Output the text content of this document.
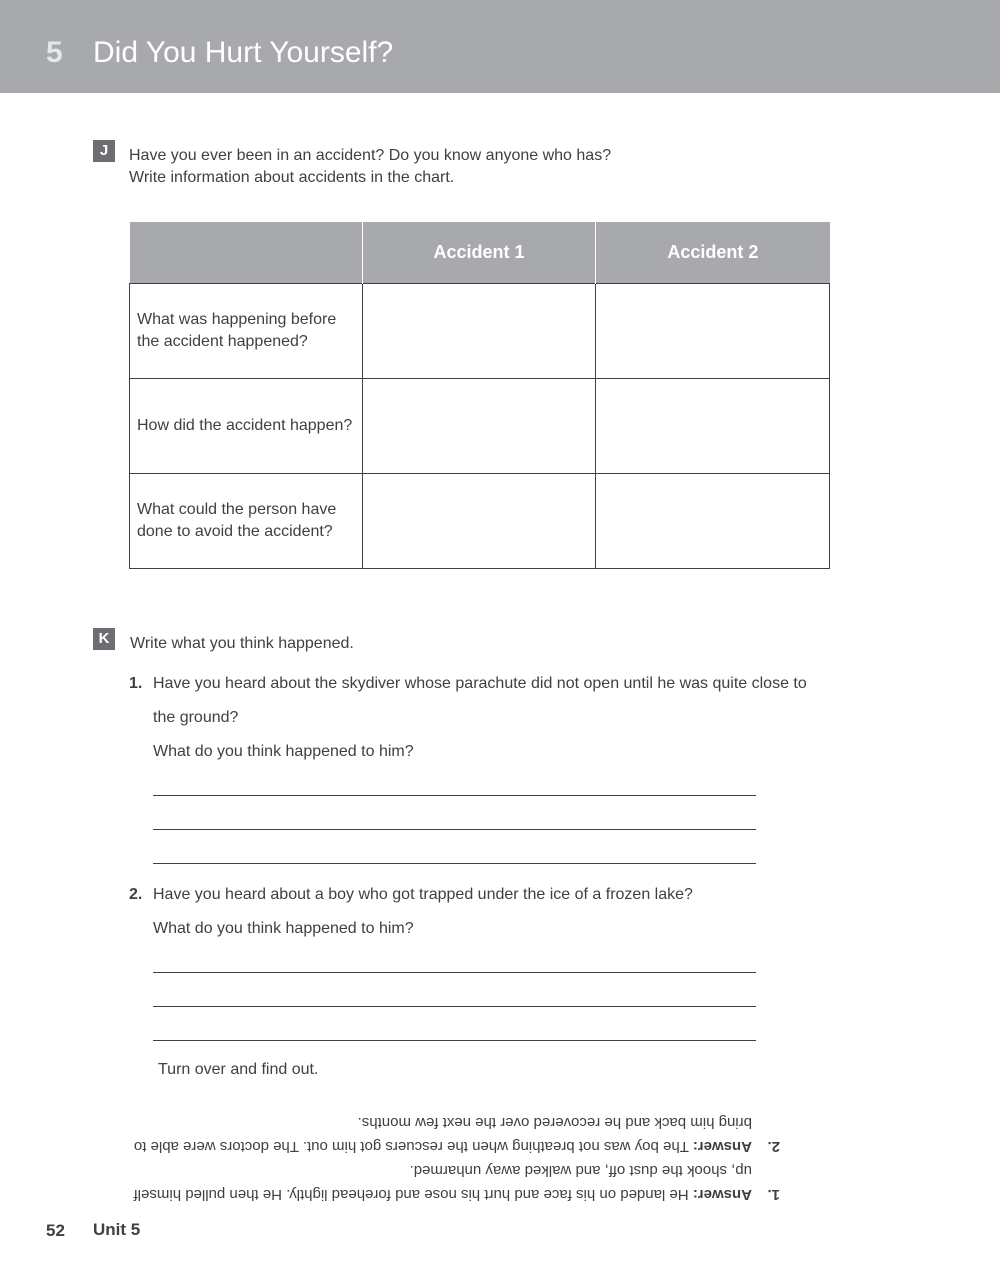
5 Did You Hurt Yourself?
J	Have you ever been in an accident? Do you know anyone who has?
Write information about accidents in the chart.
	Accident 1	Accident 2
What was happening before the accident happened?		
How did the accident happen?		
What could the person have done to avoid the accident?		
K	Write what you think happened.
1. Have you heard about the skydiver whose parachute did not open until he was quite close to
the ground?
What do you think happened to him?
2. Have you heard about a boy who got trapped under the ice of a frozen lake?
What do you think happened to him?
Turn over and find out.
1.
Answer: He landed on his face and hurt his nose and forehead lightly. He then pulled himself up, shook the dust off, and walked away unharmed.
2.
Answer: The boy was not breathing when the rescuers got him out. The doctors were able to bring him back and he recovered over the next few months.
52 Unit 5
